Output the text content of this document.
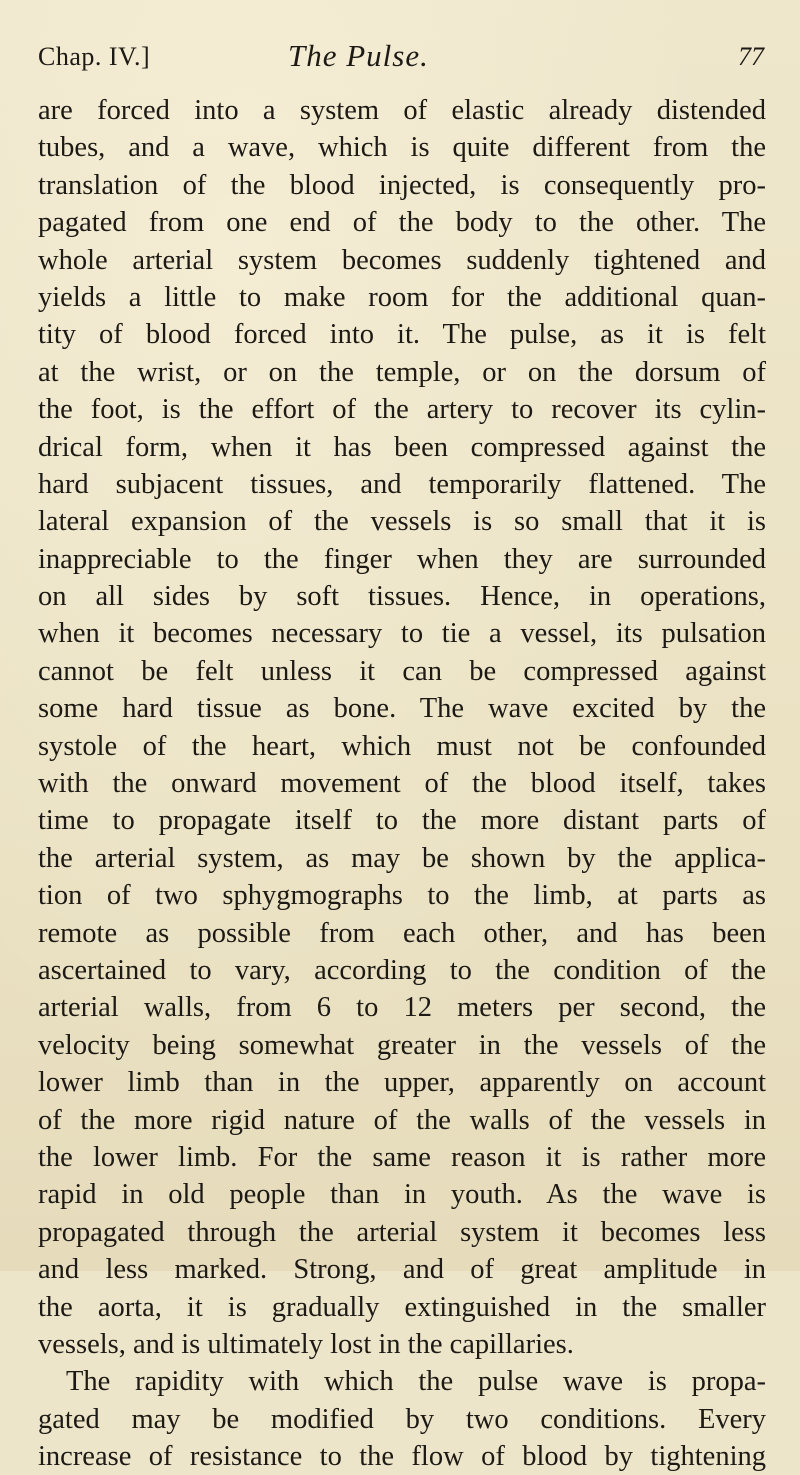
Chap. IV.]	The Pulse.	77
are forced into a system of elastic already distended
tubes, and a wave, which is quite different from the
translation of the blood injected, is consequently pro-
pagated from one end of the body to the other. The
whole arterial system becomes suddenly tightened and
yields a little to make room for the additional quan-
tity of blood forced into it. The pulse, as it is felt
at the wrist, or on the temple, or on the dorsum of
the foot, is the effort of the artery to recover its cylin-
drical form, when it has been compressed against the
hard subjacent tissues, and temporarily flattened. The
lateral expansion of the vessels is so small that it is
inappreciable to the finger when they are surrounded
on all sides by soft tissues. Hence, in operations,
when it becomes necessary to tie a vessel, its pulsation
cannot be felt unless it can be compressed against
some hard tissue as bone. The wave excited by the
systole of the heart, which must not be confounded
with the onward movement of the blood itself, takes
time to propagate itself to the more distant parts of
the arterial system, as may be shown by the applica-
tion of two sphygmographs to the limb, at parts as
remote as possible from each other, and has been
ascertained to vary, according to the condition of the
arterial walls, from 6 to 12 meters per second, the
velocity being somewhat greater in the vessels of the
lower limb than in the upper, apparently on account
of the more rigid nature of the walls of the vessels in
the lower limb. For the same reason it is rather more
rapid in old people than in youth. As the wave is
propagated through the arterial system it becomes less
and less marked. Strong, and of great amplitude in
the aorta, it is gradually extinguished in the smaller
vessels, and is ultimately lost in the capillaries.
The rapidity with which the pulse wave is propa-
gated may be modified by two conditions. Every
increase of resistance to the flow of blood by tightening
